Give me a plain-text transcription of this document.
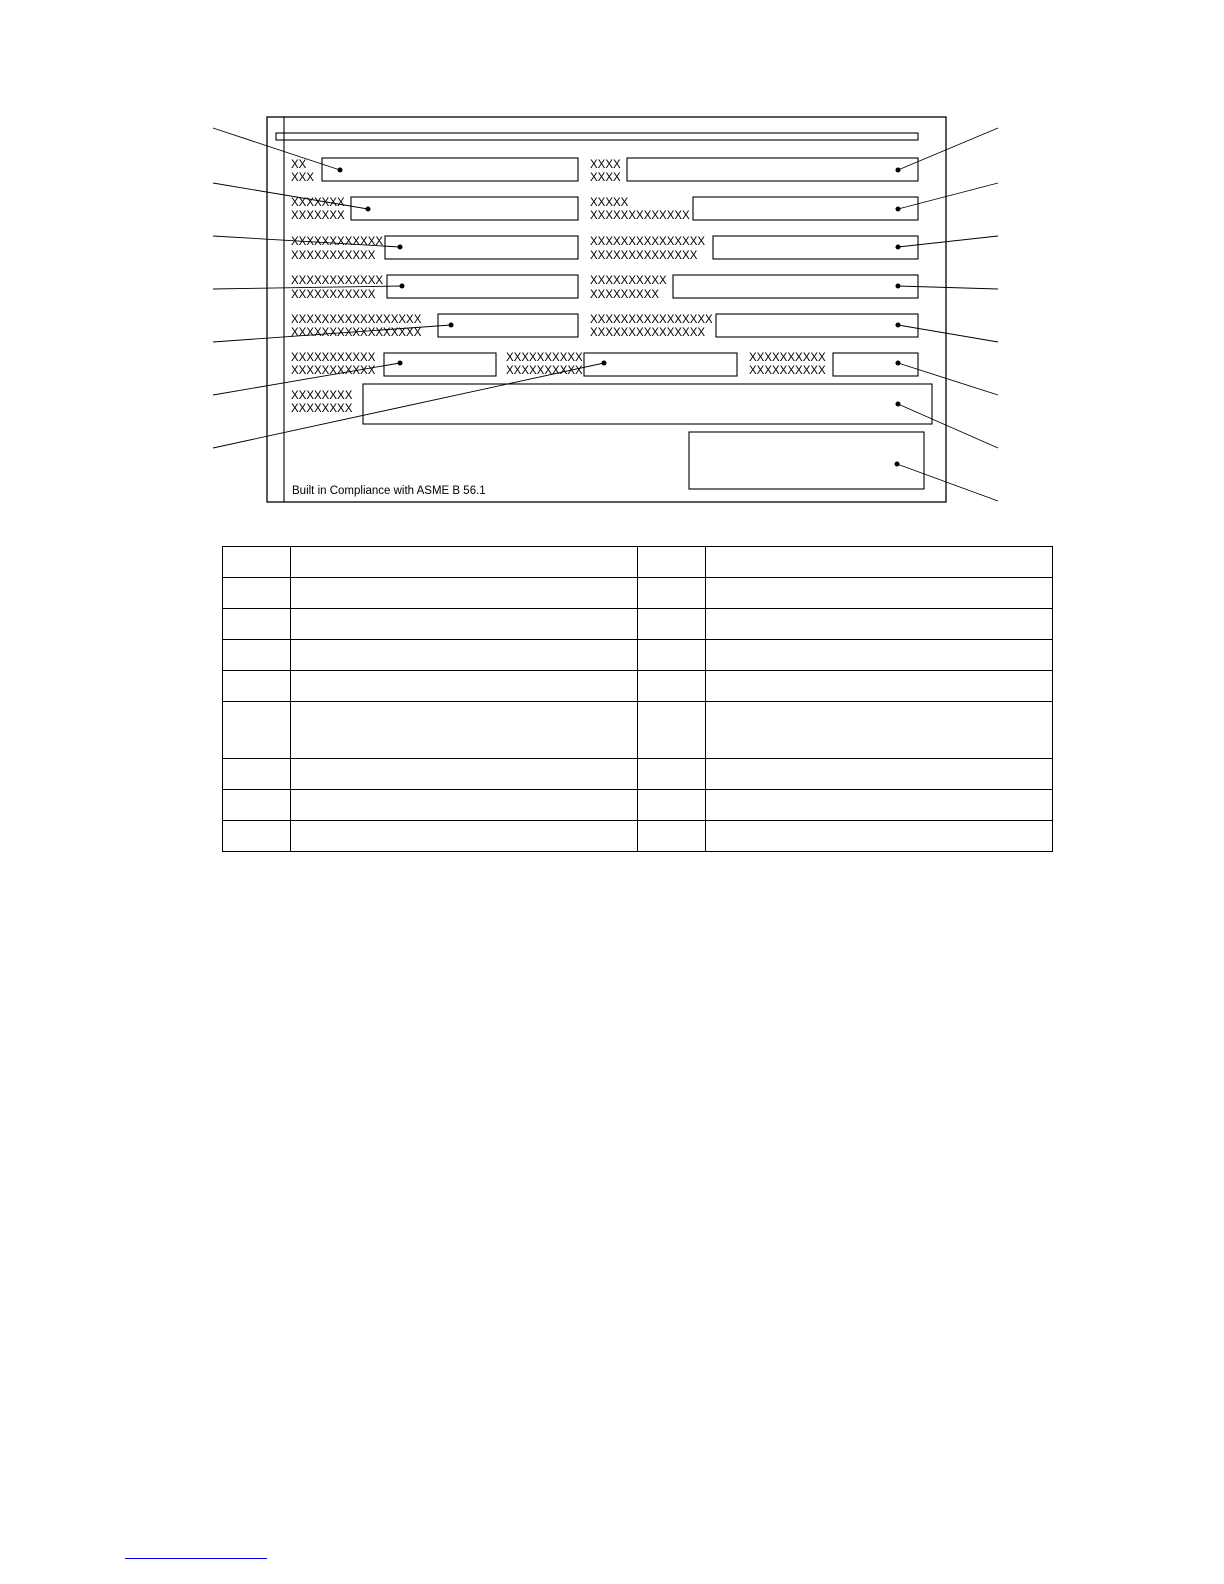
XX
XXX
XXXX
XXXX
XXXXXXX
XXXXXXX
XXXXX
XXXXXXXXXXXXX
XXXXXXXXXXXX
XXXXXXXXXXX
XXXXXXXXXXXXXXX
XXXXXXXXXXXXXX
XXXXXXXXXXXX
XXXXXXXXXXX
XXXXXXXXXX
XXXXXXXXX
XXXXXXXXXXXXXXXXX
XXXXXXXXXXXXXXXXX
XXXXXXXXXXXXXXXX
XXXXXXXXXXXXXXX
XXXXXXXXXXX
XXXXXXXXXXX
XXXXXXXXXX
XXXXXXXXXX
XXXXXXXXXX
XXXXXXXXXX
XXXXXXXX
XXXXXXXX
Built in Compliance with ASME B 56.1
